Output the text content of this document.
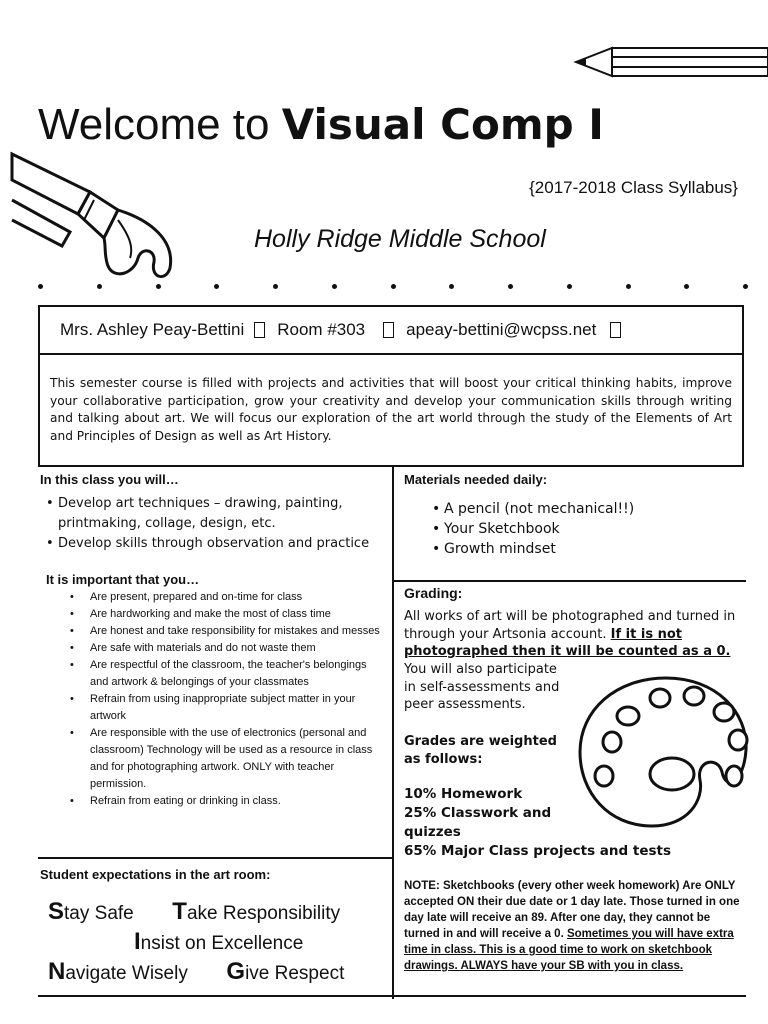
Welcome to Visual Comp I
{2017-2018 Class Syllabus}
Holly Ridge Middle School
Mrs. Ashley Peay-Bettini Room #303 apeay-bettini@wcpss.net
This semester course is filled with projects and activities that will boost your critical thinking habits, improve your collaborative participation, grow your creativity and develop your communication skills through writing and talking about art. We will focus our exploration of the art world through the study of the Elements of Art and Principles of Design as well as Art History.
In this class you will…
• Develop art techniques – drawing, painting, printmaking, collage, design, etc.
• Develop skills through observation and practice
It is important that you…
• Are present, prepared and on-time for class
• Are hardworking and make the most of class time
• Are honest and take responsibility for mistakes and messes
• Are safe with materials and do not waste them
• Are respectful of the classroom, the teacher's belongings and artwork & belongings of your classmates
• Refrain from using inappropriate subject matter in your artwork
• Are responsible with the use of electronics (personal and classroom) Technology will be used as a resource in class and for photographing artwork. ONLY with teacher permission.
• Refrain from eating or drinking in class.
Student expectations in the art room:
Stay Safe Take Responsibility
Insist on Excellence
Navigate Wisely Give Respect
Materials needed daily:
• A pencil (not mechanical!!)
• Your Sketchbook
• Growth mindset
Grading:
All works of art will be photographed and turned in through your Artsonia account. If it is not photographed then it will be counted as a 0.
You will also participate in self-assessments and peer assessments.
Grades are weighted as follows:
10% Homework
25% Classwork and quizzes
65% Major Class projects and tests
NOTE: Sketchbooks (every other week homework) Are ONLY accepted ON their due date or 1 day late. Those turned in one day late will receive an 89. After one day, they cannot be turned in and will receive a 0. Sometimes you will have extra time in class. This is a good time to work on sketchbook drawings. ALWAYS have your SB with you in class.
